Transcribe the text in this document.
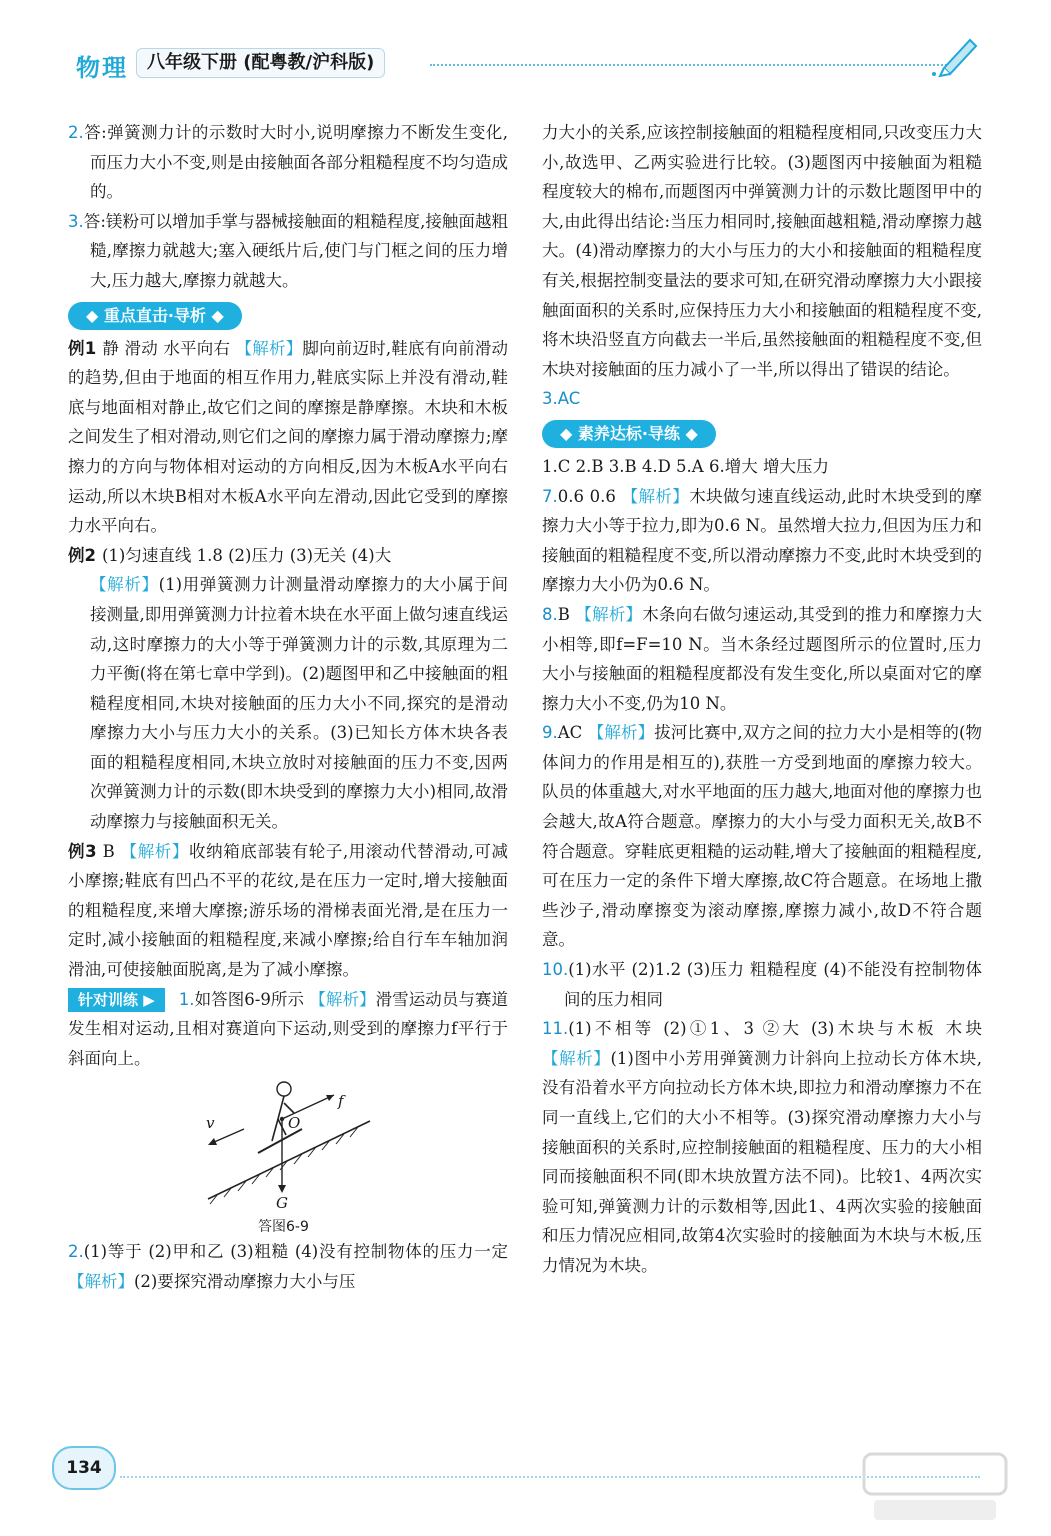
物理	八年级下册 (配粤教/沪科版)

2.答:弹簧测力计的示数时大时小,说明摩擦力不断发生变化,而压力大小不变,则是由接触面各部分粗糙程度不均匀造成的。

3.答:镁粉可以增加手掌与器械接触面的粗糙程度,接触面越粗糙,摩擦力就越大;塞入硬纸片后,使门与门框之间的压力增大,压力越大,摩擦力就越大。

◆ 重点直击·导析 ◆

例1 静 滑动 水平向右 【解析】脚向前迈时,鞋底有向前滑动的趋势,但由于地面的相互作用力,鞋底实际上并没有滑动,鞋底与地面相对静止,故它们之间的摩擦是静摩擦。木块和木板之间发生了相对滑动,则它们之间的摩擦力属于滑动摩擦力;摩擦力的方向与物体相对运动的方向相反,因为木板A水平向右运动,所以木块B相对木板A水平向左滑动,因此它受到的摩擦力水平向右。

例2 (1)匀速直线 1.8 (2)压力 (3)无关 (4)大

【解析】(1)用弹簧测力计测量滑动摩擦力的大小属于间接测量,即用弹簧测力计拉着木块在水平面上做匀速直线运动,这时摩擦力的大小等于弹簧测力计的示数,其原理为二力平衡(将在第七章中学到)。(2)题图甲和乙中接触面的粗糙程度相同,木块对接触面的压力大小不同,探究的是滑动摩擦力大小与压力大小的关系。(3)已知长方体木块各表面的粗糙程度相同,木块立放时对接触面的压力不变,因两次弹簧测力计的示数(即木块受到的摩擦力大小)相同,故滑动摩擦力与接触面积无关。

例3 B 【解析】收纳箱底部装有轮子,用滚动代替滑动,可减小摩擦;鞋底有凹凸不平的花纹,是在压力一定时,增大接触面的粗糙程度,来增大摩擦;游乐场的滑梯表面光滑,是在压力一定时,减小接触面的粗糙程度,来减小摩擦;给自行车车轴加润滑油,可使接触面脱离,是为了减小摩擦。

针对训练 ▶ 1.如答图6-9所示 【解析】滑雪运动员与赛道发生相对运动,且相对赛道向下运动,则受到的摩擦力f平行于斜面向上。

v
f
O
G
答图6-9

2.(1)等于 (2)甲和乙 (3)粗糙 (4)没有控制物体的压力一定 【解析】(2)要探究滑动摩擦力大小与压

力大小的关系,应该控制接触面的粗糙程度相同,只改变压力大小,故选甲、乙两实验进行比较。(3)题图丙中接触面为粗糙程度较大的棉布,而题图丙中弹簧测力计的示数比题图甲中的大,由此得出结论:当压力相同时,接触面越粗糙,滑动摩擦力越大。(4)滑动摩擦力的大小与压力的大小和接触面的粗糙程度有关,根据控制变量法的要求可知,在研究滑动摩擦力大小跟接触面面积的关系时,应保持压力大小和接触面的粗糙程度不变,将木块沿竖直方向截去一半后,虽然接触面的粗糙程度不变,但木块对接触面的压力减小了一半,所以得出了错误的结论。

3.AC

◆ 素养达标·导练 ◆

1.C 2.B 3.B 4.D 5.A 6.增大 增大压力

7.0.6 0.6 【解析】木块做匀速直线运动,此时木块受到的摩擦力大小等于拉力,即为0.6 N。虽然增大拉力,但因为压力和接触面的粗糙程度不变,所以滑动摩擦力不变,此时木块受到的摩擦力大小仍为0.6 N。

8.B 【解析】木条向右做匀速运动,其受到的推力和摩擦力大小相等,即f=F=10 N。当木条经过题图所示的位置时,压力大小与接触面的粗糙程度都没有发生变化,所以桌面对它的摩擦力大小不变,仍为10 N。

9.AC 【解析】拔河比赛中,双方之间的拉力大小是相等的(物体间力的作用是相互的),获胜一方受到地面的摩擦力较大。队员的体重越大,对水平地面的压力越大,地面对他的摩擦力也会越大,故A符合题意。摩擦力的大小与受力面积无关,故B不符合题意。穿鞋底更粗糙的运动鞋,增大了接触面的粗糙程度,可在压力一定的条件下增大摩擦,故C符合题意。在场地上撒些沙子,滑动摩擦变为滚动摩擦,摩擦力减小,故D不符合题意。

10.(1)水平 (2)1.2 (3)压力 粗糙程度 (4)不能没有控制物体间的压力相同

11.(1)不相等 (2)①1、3 ②大 (3)木块与木板 木块 【解析】(1)图中小芳用弹簧测力计斜向上拉动长方体木块,没有沿着水平方向拉动长方体木块,即拉力和滑动摩擦力不在同一直线上,它们的大小不相等。(3)探究滑动摩擦力大小与接触面积的关系时,应控制接触面的粗糙程度、压力的大小相同而接触面积不同(即木块放置方法不同)。比较1、4两次实验可知,弹簧测力计的示数相等,因此1、4两次实验的接触面和压力情况应相同,故第4次实验时的接触面为木块与木板,压力情况为木块。

134
